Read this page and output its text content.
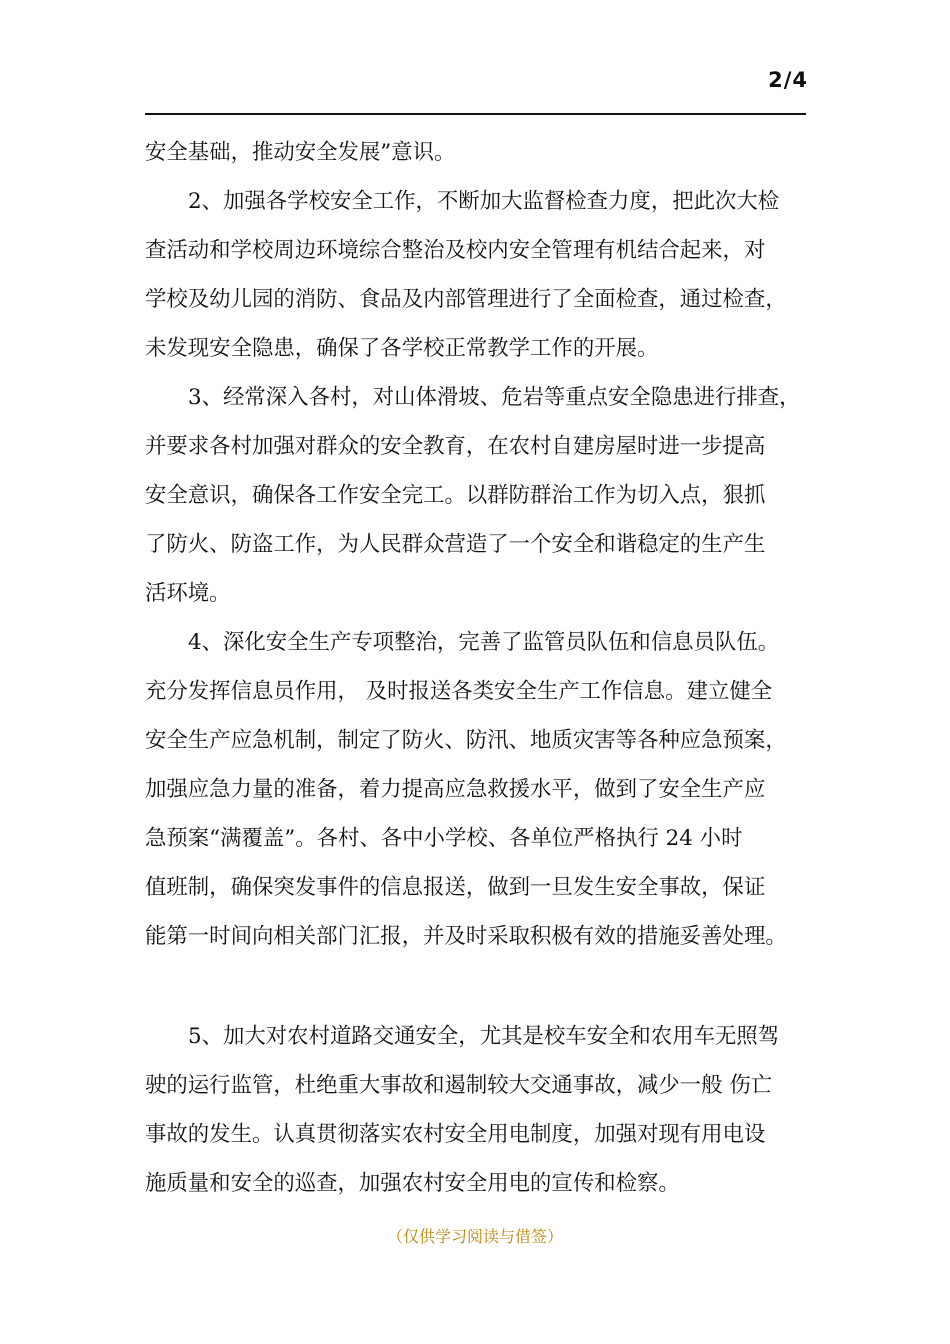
2/4
安全基础，推动安全发展”意识。
2、加强各学校安全工作，不断加大监督检查力度，把此次大检
查活动和学校周边环境综合整治及校内安全管理有机结合起来，对
学校及幼儿园的消防、食品及内部管理进行了全面检查，通过检查，
未发现安全隐患，确保了各学校正常教学工作的开展。
3、经常深入各村，对山体滑坡、危岩等重点安全隐患进行排查，
并要求各村加强对群众的安全教育，在农村自建房屋时进一步提高
安全意识，确保各工作安全完工。以群防群治工作为切入点，狠抓
了防火、防盗工作，为人民群众营造了一个安全和谐稳定的生产生
活环境。
4、深化安全生产专项整治，完善了监管员队伍和信息员队伍。
充分发挥信息员作用， 及时报送各类安全生产工作信息。建立健全
安全生产应急机制，制定了防火、防汛、地质灾害等各种应急预案，
加强应急力量的准备，着力提高应急救援水平，做到了安全生产应
急预案“满覆盖”。各村、各中小学校、各单位严格执行 24 小时
值班制，确保突发事件的信息报送，做到一旦发生安全事故，保证
能第一时间向相关部门汇报，并及时采取积极有效的措施妥善处理。
5、加大对农村道路交通安全，尤其是校车安全和农用车无照驾
驶的运行监管，杜绝重大事故和遏制较大交通事故，减少一般 伤亡
事故的发生。认真贯彻落实农村安全用电制度，加强对现有用电设
施质量和安全的巡查，加强农村安全用电的宣传和检察。
（仅供学习阅读与借签）
